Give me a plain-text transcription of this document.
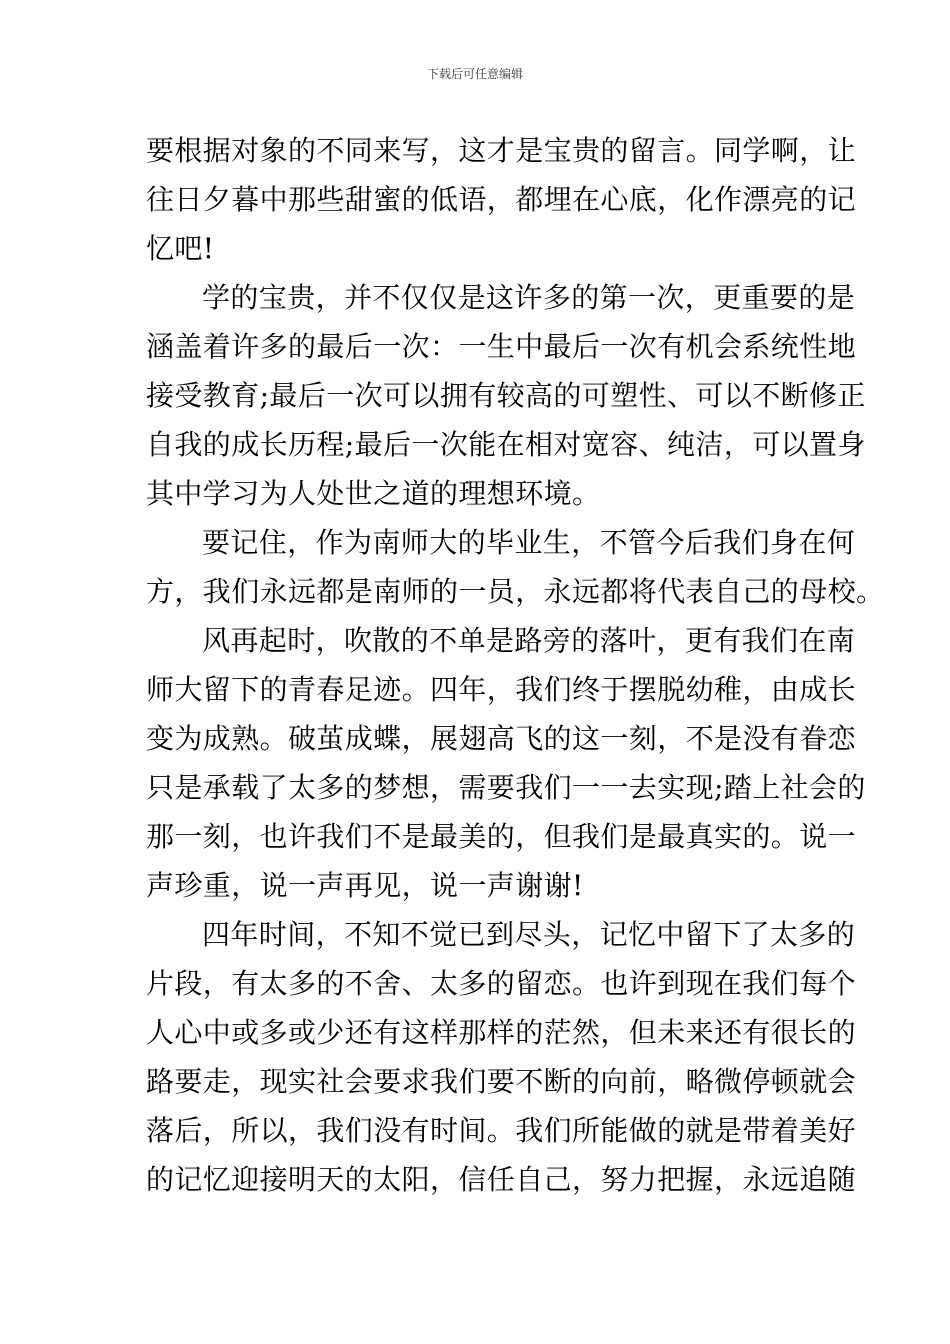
下载后可任意编辑
要根据对象的不同来写，这才是宝贵的留言。同学啊，让
往日夕暮中那些甜蜜的低语，都埋在心底，化作漂亮的记
忆吧!
学的宝贵，并不仅仅是这许多的第一次，更重要的是
涵盖着许多的最后一次：一生中最后一次有机会系统性地
接受教育;最后一次可以拥有较高的可塑性、可以不断修正
自我的成长历程;最后一次能在相对宽容、纯洁，可以置身
其中学习为人处世之道的理想环境。
要记住，作为南师大的毕业生，不管今后我们身在何
方，我们永远都是南师的一员，永远都将代表自己的母校。
风再起时，吹散的不单是路旁的落叶，更有我们在南
师大留下的青春足迹。四年，我们终于摆脱幼稚，由成长
变为成熟。破茧成蝶，展翅高飞的这一刻，不是没有眷恋
只是承载了太多的梦想，需要我们一一去实现;踏上社会的
那一刻，也许我们不是最美的，但我们是最真实的。说一
声珍重，说一声再见，说一声谢谢!
四年时间，不知不觉已到尽头，记忆中留下了太多的
片段，有太多的不舍、太多的留恋。也许到现在我们每个
人心中或多或少还有这样那样的茫然，但未来还有很长的
路要走，现实社会要求我们要不断的向前，略微停顿就会
落后，所以，我们没有时间。我们所能做的就是带着美好
的记忆迎接明天的太阳，信任自己，努力把握，永远追随
